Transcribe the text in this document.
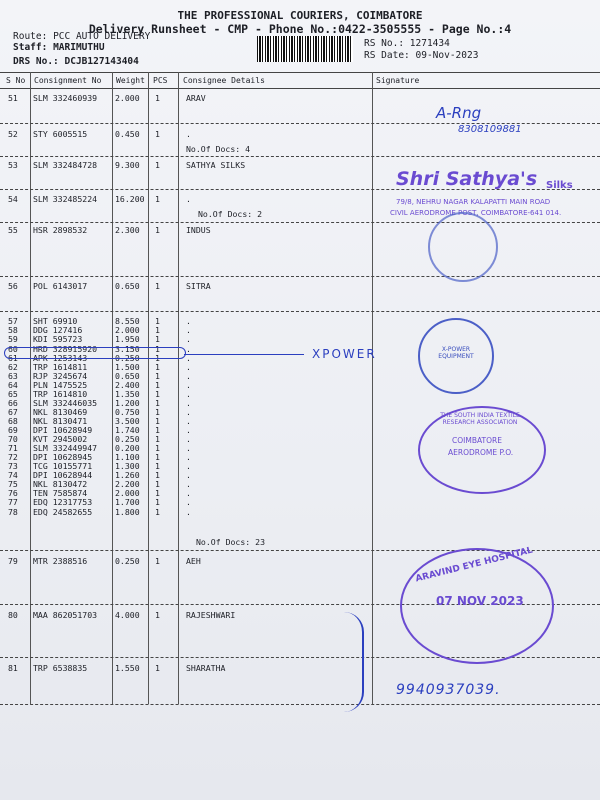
THE PROFESSIONAL COURIERS, COIMBATORE
Delivery Runsheet - CMP - Phone No.:0422-3505555 - Page No.:4
Route: PCC AUTO DELIVERY
Staff: MARIMUTHU
DRS No.: DCJB127143404
RS No.: 1271434
RS Date: 09-Nov-2023
S No Consignment No Weight PCS Consignee Details	Signature
51 SLM 332460939 2.000 1	ARAV
52 STY 6005515	0.450 1	.
53 SLM 332484728 9.300 1	SATHYA SILKS
54 SLM 332485224 16.200 1	.
55 HSR 2898532	2.300 1	INDUS
56 POL 6143017	0.650 1	SITRA
57 SHT 69910	8.550 1	.
58 DDG 127416	2.000 1	.
59 KDI 595723	1.950 1	.
60 HRD 328915920 3.150 1	.
61 APK 1253143	0.250 1	.
62 TRP 1614811	1.500 1	.
63 RJP 3245674	0.650 1	.
64 PLN 1475525	2.400 1	.
65 TRP 1614810	1.350 1	.
66 SLM 332446035 1.200 1	.
67 NKL 8130469	0.750 1	.
68 NKL 8130471	3.500 1	.
69 DPI 10628949	1.740 1	.
70 KVT 2945002	0.250 1	.
71 SLM 332449947 0.200 1	.
72 DPI 10628945	1.100 1	.
73 TCG 10155771	1.300 1	.
74 DPI 10628944	1.260 1	.
75 NKL 8130472	2.200 1	.
76 TEN 7585874	2.000 1	.
77 EDQ 12317753	1.700 1	.
78 EDQ 24582655	1.800 1	.
79 MTR 2388516	0.250 1	AEH
80 MAA 862051703 4.000 1	RAJESHWARI
81 TRP 6538835	1.550 1	SHARATHA
No.Of Docs: 4
No.Of Docs: 2
No.Of Docs: 23
XPOWER
A-Rng
8308109881
Shri Sathya's Silks
79/8, NEHRU NAGAR KALAPATTI MAIN ROAD
CIVIL AERODROME POST, COIMBATORE-641 014.
X-POWER EQUIPMENT
THE SOUTH INDIA TEXTILE RESEARCH ASSOCIATION
COIMBATORE
AERODROME P.O.
ARAVIND EYE HOSPITAL
07 NOV 2023
9940937039.
